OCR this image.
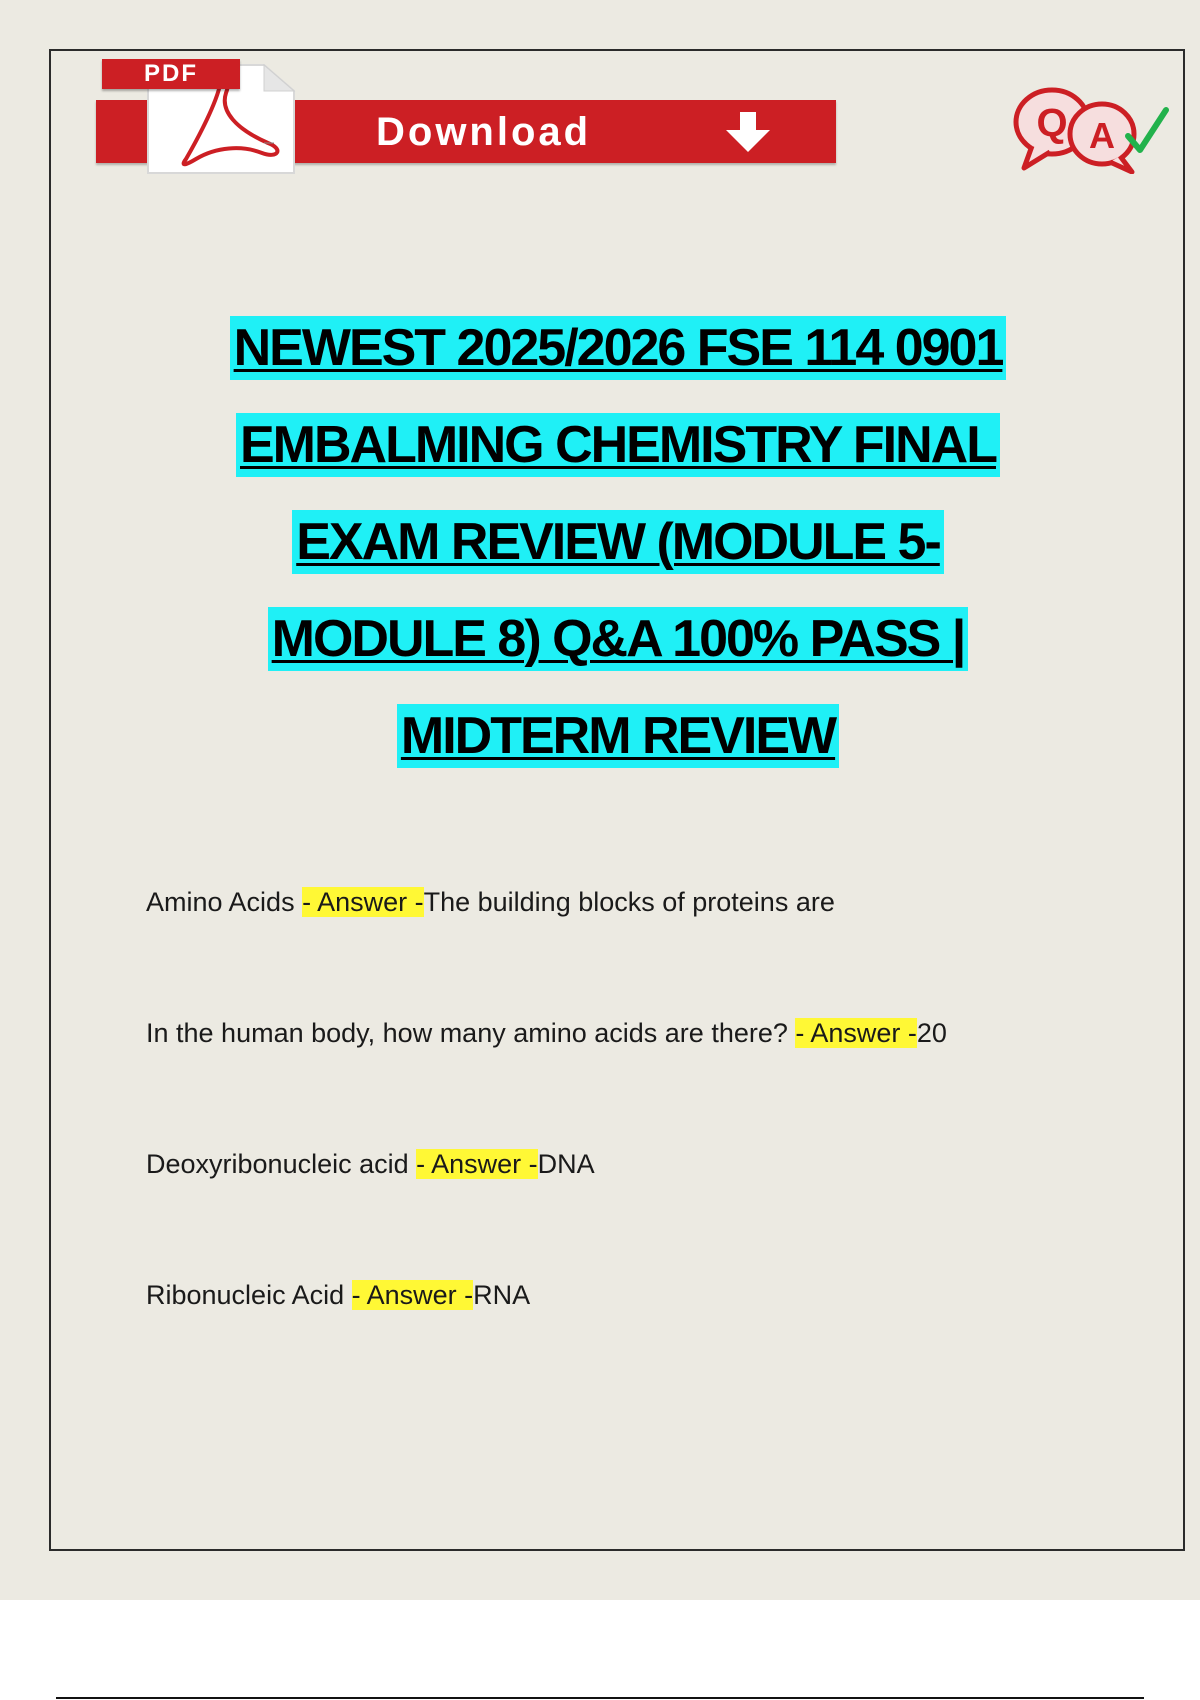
PDF
Download	Q A
NEWEST 2025/2026 FSE 114 0901
EMBALMING CHEMISTRY FINAL
EXAM REVIEW (MODULE 5-
MODULE 8) Q&A 100% PASS |
MIDTERM REVIEW
Amino Acids - Answer -The building blocks of proteins are
In the human body, how many amino acids are there? - Answer -20
Deoxyribonucleic acid - Answer -DNA
Ribonucleic Acid - Answer -RNA
